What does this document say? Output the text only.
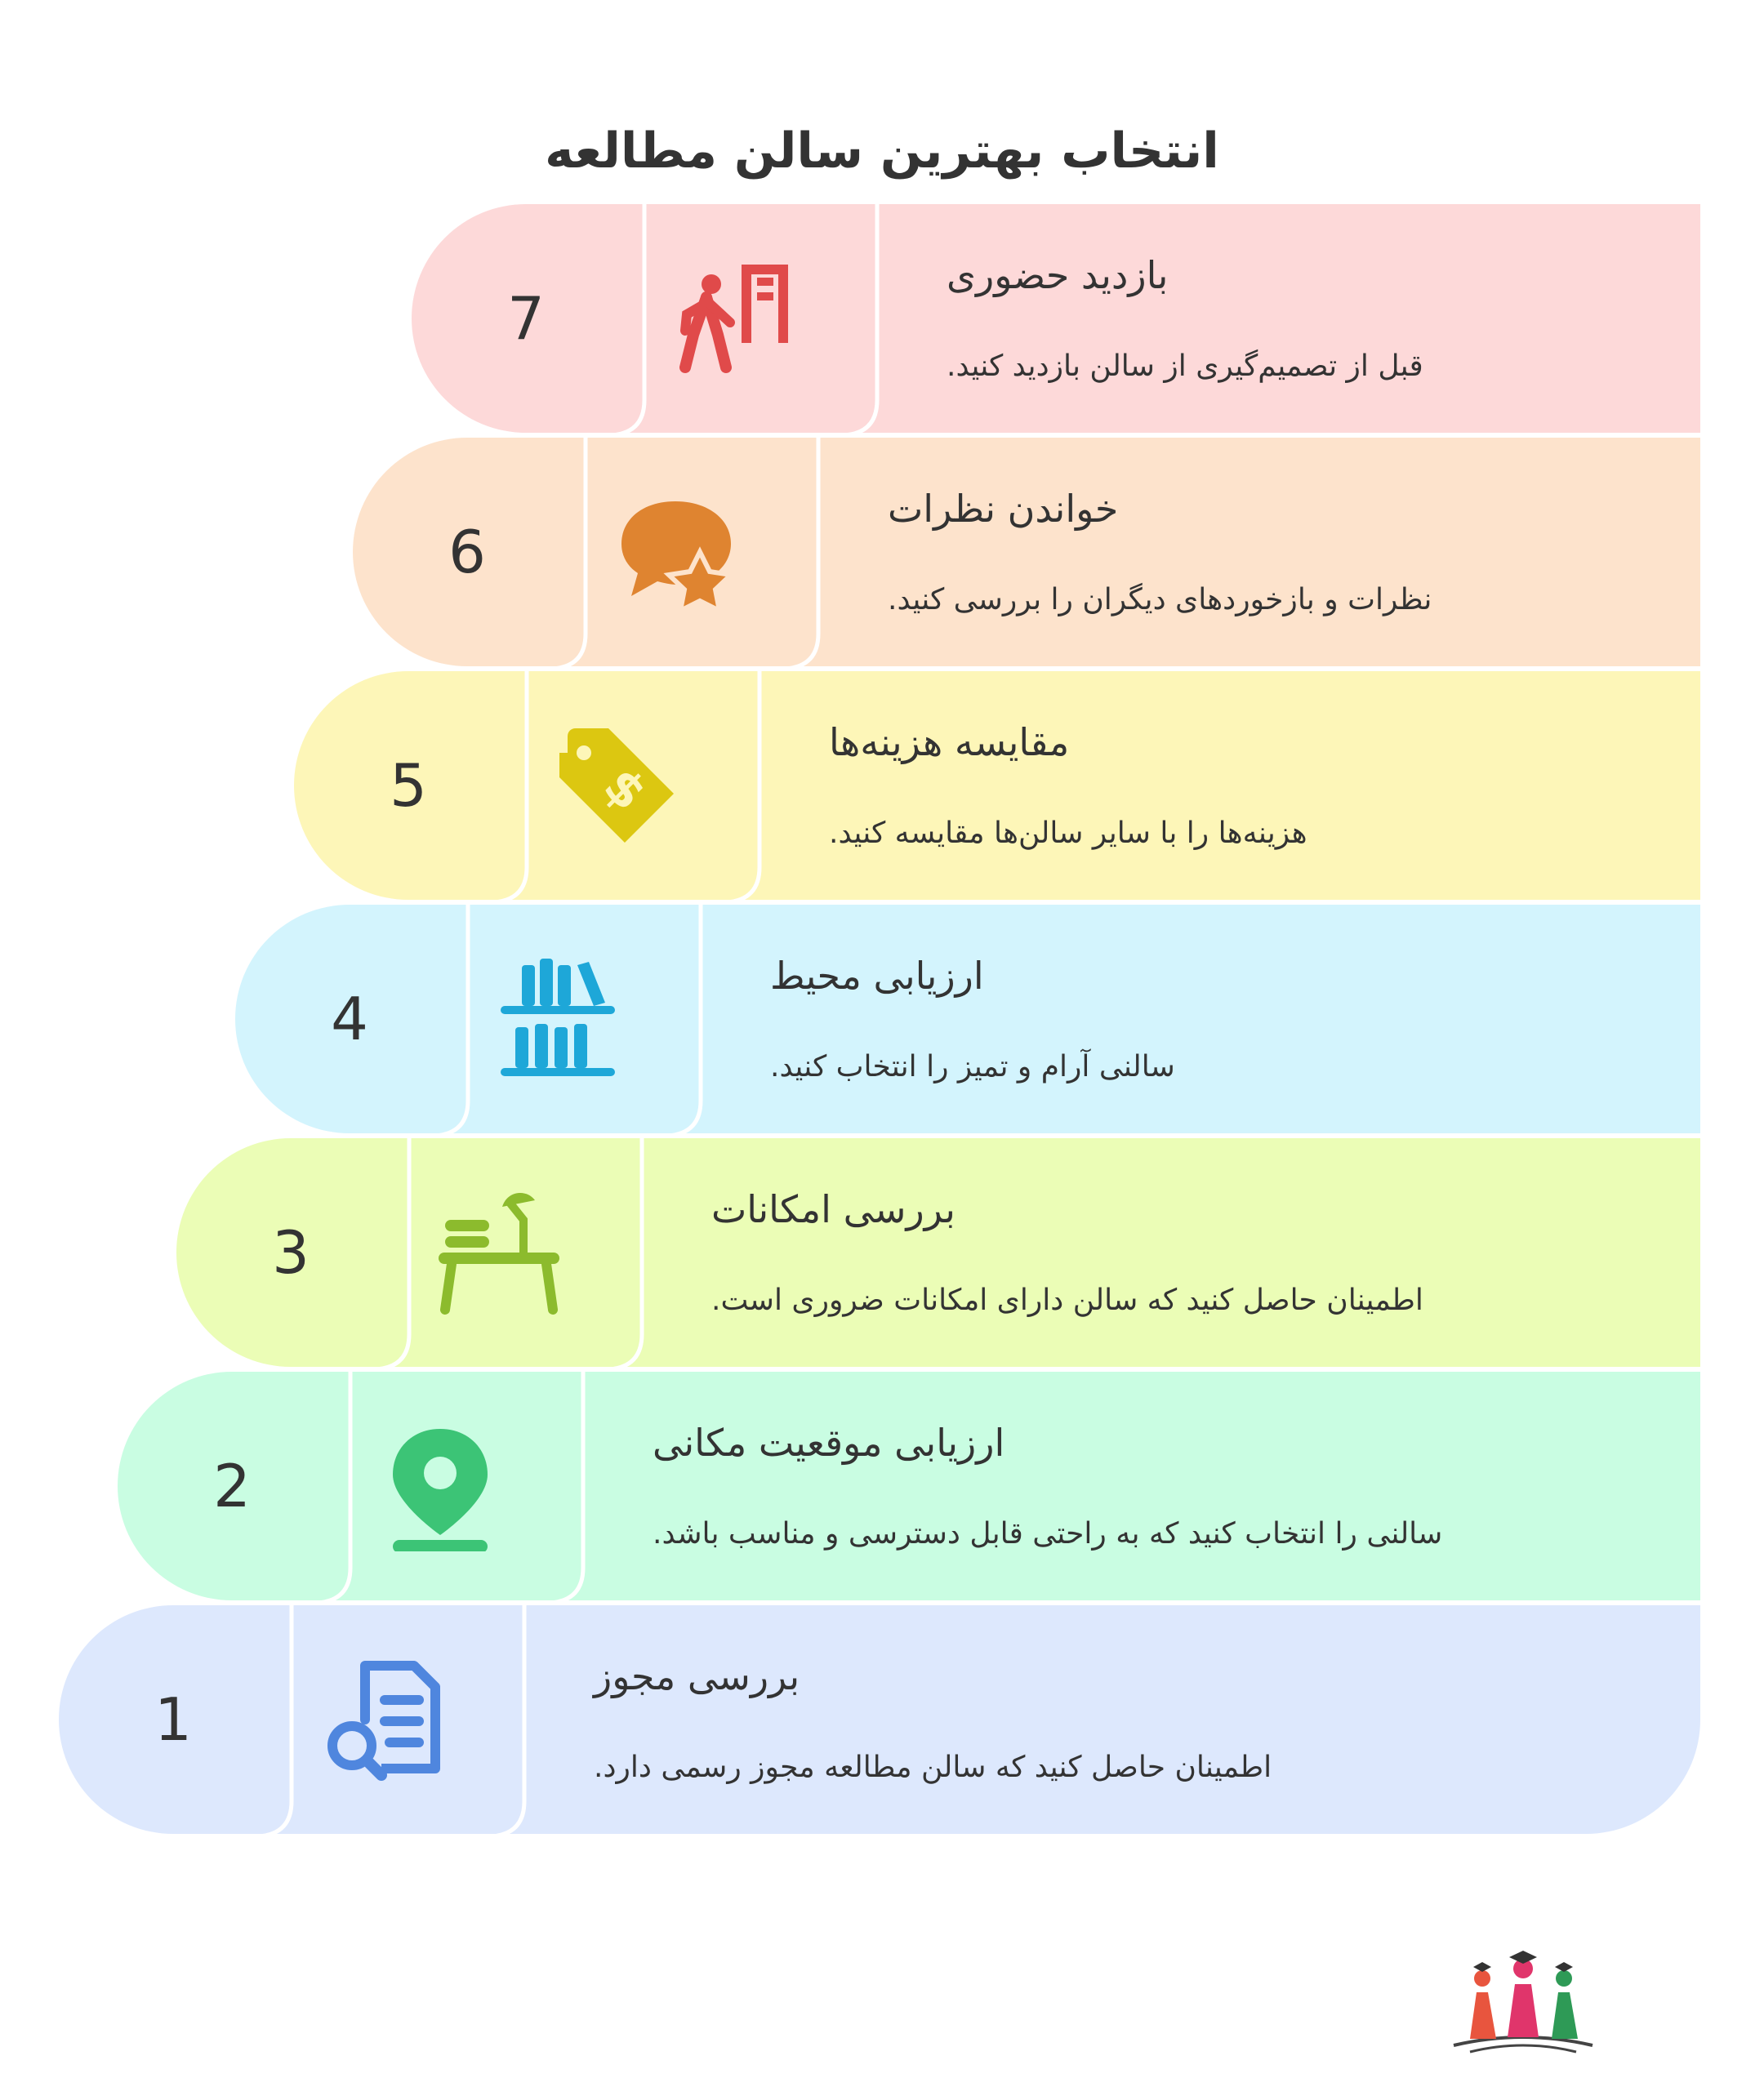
انتخاب بهترین سالن مطالعه
7
بازدید حضوری
قبل از تصمیم‌گیری از سالن بازدید کنید.
6
خواندن نظرات
نظرات و بازخوردهای دیگران را بررسی کنید.
5	$
مقایسه هزینه‌ها
هزینه‌ها را با سایر سالن‌ها مقایسه کنید.
4
ارزیابی محیط
سالنی آرام و تمیز را انتخاب کنید.
3
بررسی امکانات
اطمینان حاصل کنید که سالن دارای امکانات ضروری است.
2
ارزیابی موقعیت مکانی
سالنی را انتخاب کنید که به راحتی قابل دسترسی و مناسب باشد.
1
بررسی مجوز
اطمینان حاصل کنید که سالن مطالعه مجوز رسمی دارد.
